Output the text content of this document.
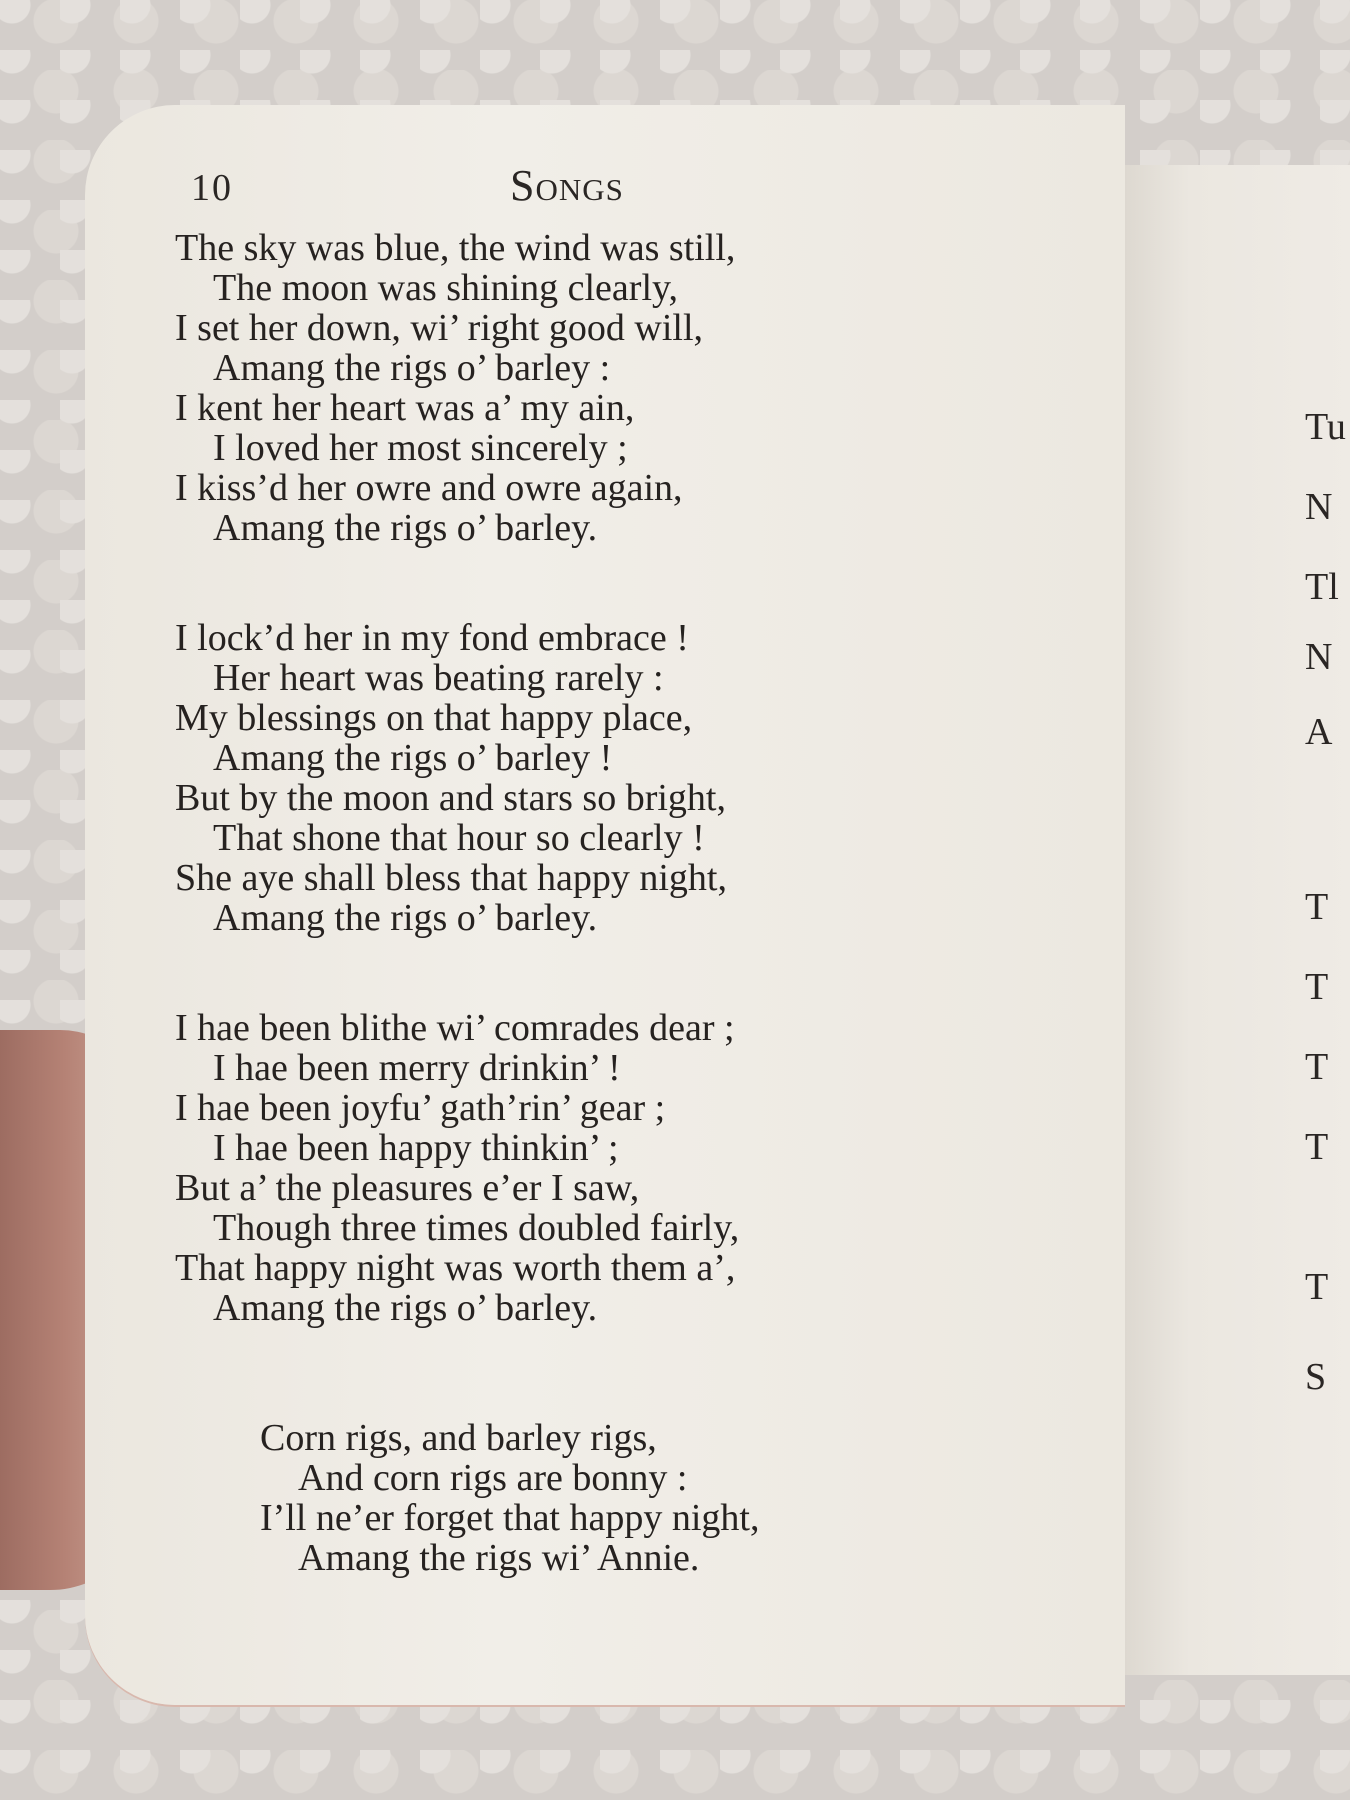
10	Songs
The sky was blue, the wind was still,
The moon was shining clearly,
I set her down, wi’ right good will,
Amang the rigs o’ barley :
I kent her heart was a’ my ain,
I loved her most sincerely ;
I kiss’d her owre and owre again,
Amang the rigs o’ barley.
I lock’d her in my fond embrace !
Her heart was beating rarely :
My blessings on that happy place,
Amang the rigs o’ barley !
But by the moon and stars so bright,
That shone that hour so clearly !
She aye shall bless that happy night,
Amang the rigs o’ barley.
I hae been blithe wi’ comrades dear ;
I hae been merry drinkin’ !
I hae been joyfu’ gath’rin’ gear ;
I hae been happy thinkin’ ;
But a’ the pleasures e’er I saw,
Though three times doubled fairly,
That happy night was worth them a’,
Amang the rigs o’ barley.
Corn rigs, and barley rigs,
And corn rigs are bonny :
I’ll ne’er forget that happy night,
Amang the rigs wi’ Annie.
Tu
N
Tl
N
A
T
T
T
T
T
S
